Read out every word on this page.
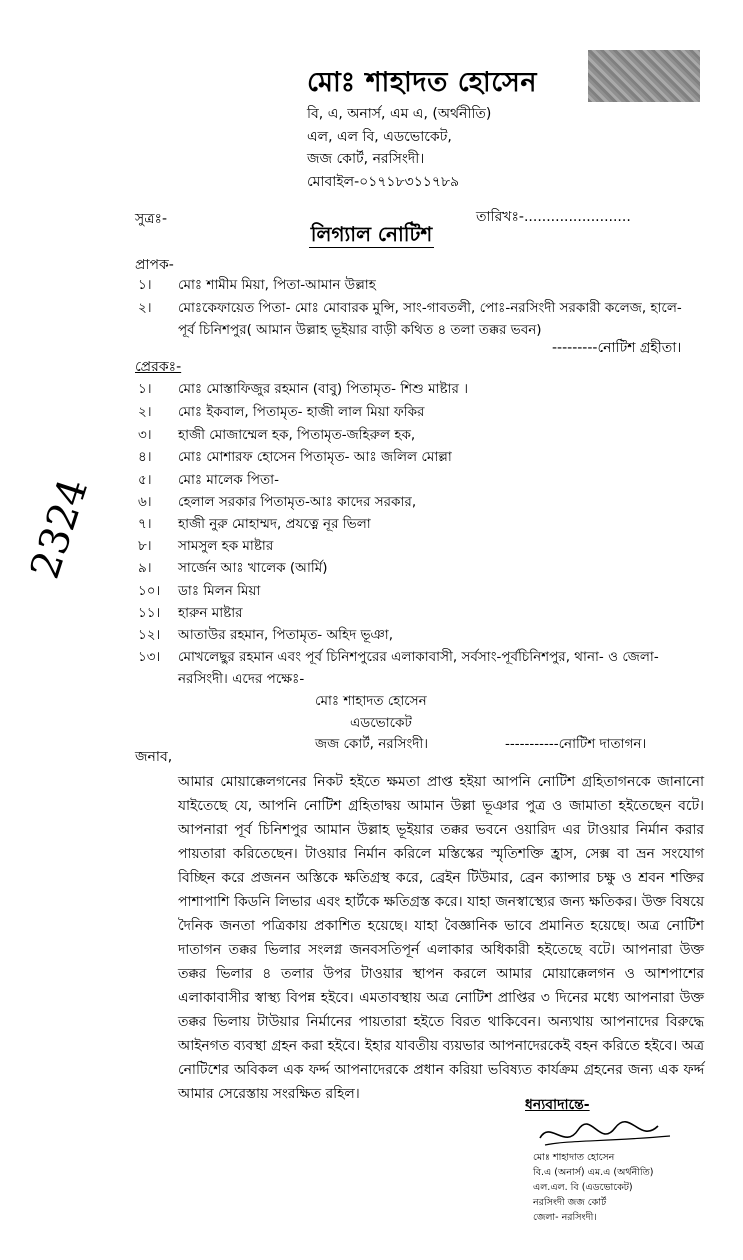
মোঃ শাহাদত হোসেন
বি, এ, অনার্স, এম এ, (অর্থনীতি)
এল, এল বি, এডভোকেট,
জজ কোর্ট, নরসিংদী।
মোবাইল-০১৭১৮৩১১৭৮৯
সুত্রঃ-	তারিখঃ-........................
লিগ্যাল নোটিশ
প্রাপক-
১।	মোঃ শামীম মিয়া, পিতা-আমান উল্লাহ
২।	মোঃকেফায়েত পিতা- মোঃ মোবারক মুন্সি, সাং-গাবতলী, পোঃ-নরসিংদী সরকারী কলেজ, হালে-
পূর্ব চিনিশপুর( আমান উল্লাহ ভূইয়ার বাড়ী কথিত ৪ তলা তক্কর ভবন)
---------নোটিশ গ্রহীতা।
প্রেরকঃ-
১।	মোঃ মোস্তাফিজুর রহমান (বাবু) পিতামৃত- শিশু মাষ্টার ।
২।	মোঃ ইকবাল, পিতামৃত- হাজী লাল মিয়া ফকির
৩।	হাজী মোজাম্মেল হক, পিতামৃত-জহিরুল হক,
৪।	মোঃ মোশারফ হোসেন পিতামৃত- আঃ জলিল মোল্লা
৫।	মোঃ মালেক পিতা-
৬।	হেলাল সরকার পিতামৃত-আঃ কাদের সরকার,
৭।	হাজী নুরু মোহাম্মদ, প্রযত্নে নূর ভিলা
৮।	সামসুল হক মাষ্টার
৯।	সার্জেন আঃ খালেক (আর্মি)
১০।	ডাঃ মিলন মিয়া
১১।	হারুন মাষ্টার
১২।	আতাউর রহমান, পিতামৃত- অহিদ ভূঞা,
১৩।	মোখলেছুর রহমান এবং পূর্ব চিনিশপুরের এলাকাবাসী, সর্বসাং-পূর্বচিনিশপুর, থানা- ও জেলা-
নরসিংদী। এদের পক্ষেঃ-
মোঃ শাহাদত হোসেন
এডভোকেট
জজ কোর্ট, নরসিংদী।	-----------নোটিশ দাতাগন।
জনাব,

আমার মোয়াক্কেলগনের নিকট হইতে ক্ষমতা প্রাপ্ত হইয়া আপনি নোটিশ গ্রহিতাগনকে জানানো যাইতেছে যে, আপনি নোটিশ গ্রহিতাদ্বয় আমান উল্লা ভূঞার পুত্র ও জামাতা হইতেছেন বটে। আপনারা পূর্ব চিনিশপুর আমান উল্লাহ ভূইয়ার তক্কর ভবনে ওয়ারিদ এর টাওয়ার নির্মান করার পায়তারা করিতেছেন। টাওয়ার নির্মান করিলে মস্তিস্কের স্মৃতিশক্তি হ্রাস, সেক্স বা ভ্রন সংযোগ বিচ্ছিন করে প্রজনন অস্তিকে ক্ষতিগ্রস্থ করে, ব্রেইন টিউমার, ব্রেন ক্যান্সার চক্ষু ও শ্রবন শক্তির পাশাপাশি কিডনি লিভার এবং হার্টকে ক্ষতিগ্রস্ত করে। যাহা জনস্বাস্থ্যের জন্য ক্ষতিকর। উক্ত বিষয়ে দৈনিক জনতা পত্রিকায় প্রকাশিত হয়েছে। যাহা বৈজ্ঞানিক ভাবে প্রমানিত হয়েছে। অত্র নোটিশ দাতাগন তক্কর ভিলার সংলগ্ন জনবসতিপূর্ন এলাকার অধিকারী হইতেছে বটে। আপনারা উক্ত তক্কর ভিলার ৪ তলার উপর টাওয়ার স্থাপন করলে আমার মোয়াক্কেলগন ও আশপাশের এলাকাবাসীর স্বাস্থ্য বিপন্ন হইবে। এমতাবস্থায় অত্র নোটিশ প্রাপ্তির ৩ দিনের মধ্যে আপনারা উক্ত তক্কর ভিলায় টাউয়ার নির্মানের পায়তারা হইতে বিরত থাকিবেন। অন্যথায় আপনাদের বিরুদ্ধে আইনগত ব্যবস্থা গ্রহন করা হইবে। ইহার যাবতীয় ব্যয়ভার আপনাদেরকেই বহন করিতে হইবে। অত্র নোটিশের অবিকল এক ফর্দ্দ আপনাদেরকে প্রধান করিয়া ভবিষ্যত কার্যক্রম গ্রহনের জন্য এক ফর্দ্দ আমার সেরেস্তায় সংরক্ষিত রহিল।

ধন্যবাদান্তে-
মোঃ শাহাদাত হোসেন
বি.এ (অনার্স) এম.এ (অর্থনীতি)
এল.এল. বি (এডভোকেট)
নরসিংদী জজ কোর্ট
জেলা- নরসিংদী।
2324
